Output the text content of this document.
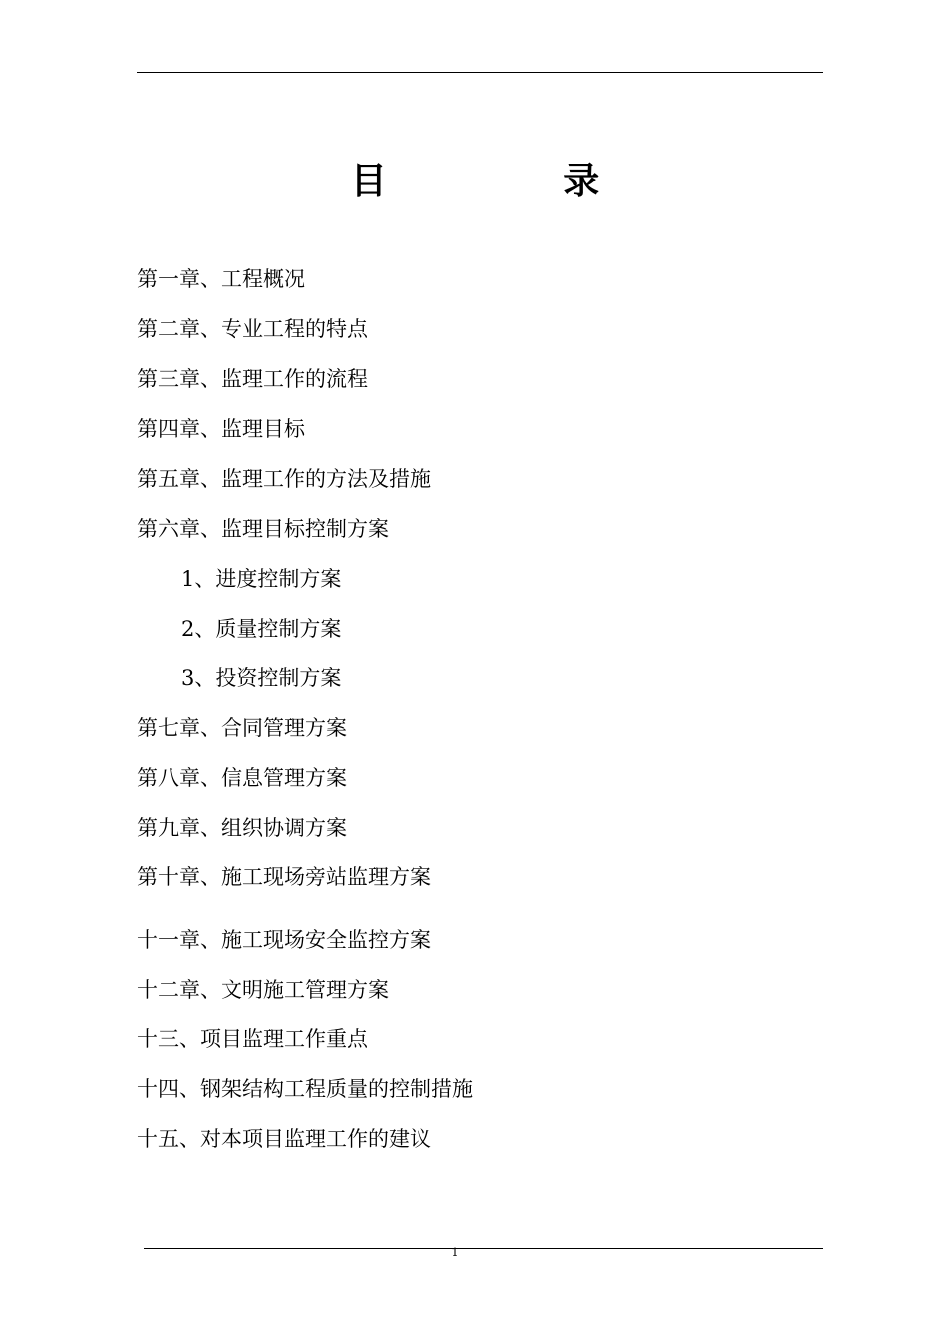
目 录
第一章、工程概况
第二章、专业工程的特点
第三章、监理工作的流程
第四章、监理目标
第五章、监理工作的方法及措施
第六章、监理目标控制方案
1、进度控制方案
2、质量控制方案
3、投资控制方案
第七章、合同管理方案
第八章、信息管理方案
第九章、组织协调方案
第十章、施工现场旁站监理方案
十一章、施工现场安全监控方案
十二章、文明施工管理方案
十三、项目监理工作重点
十四、钢架结构工程质量的控制措施
十五、对本项目监理工作的建议
1
